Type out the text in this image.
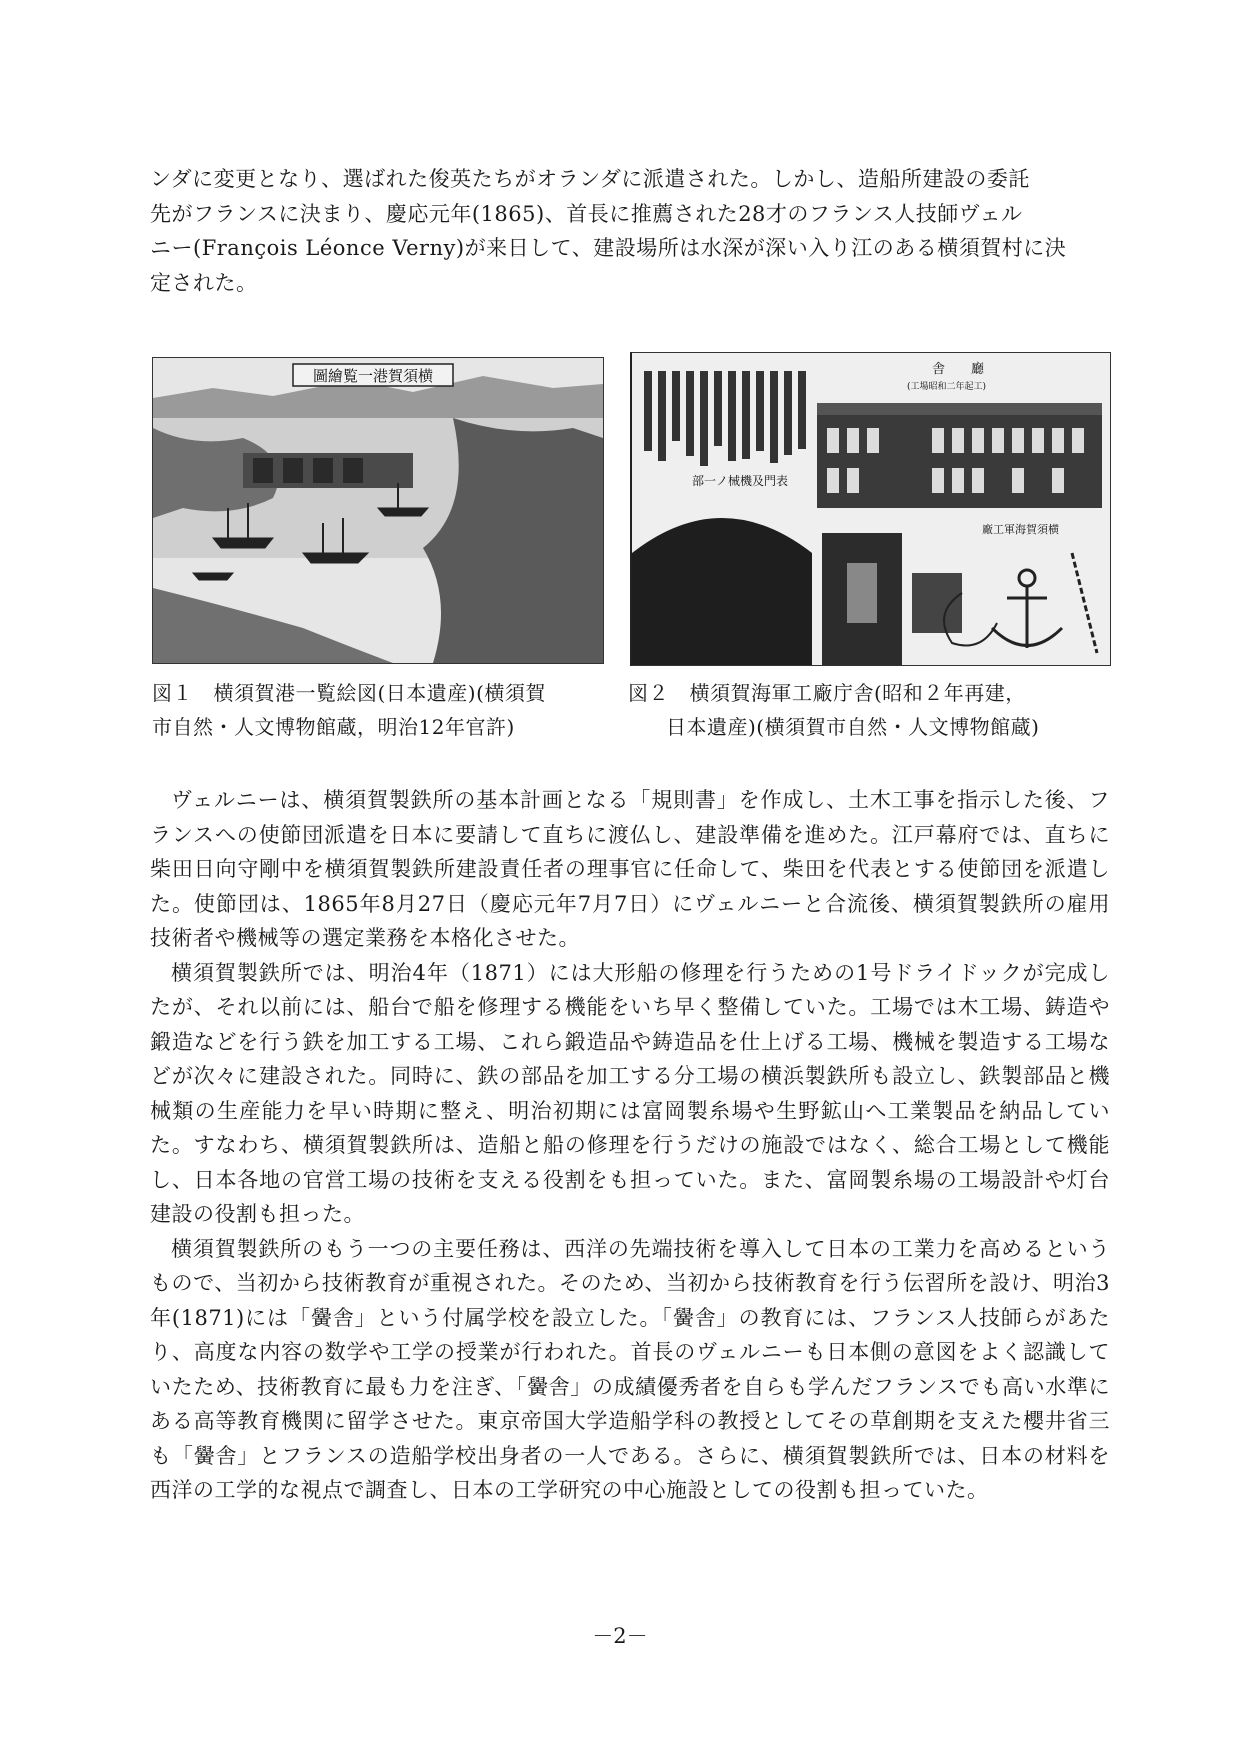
ンダに変更となり、選ばれた俊英たちがオランダに派遣された。しかし、造船所建設の委託
先がフランスに決まり、慶応元年(1865)、首長に推薦された28才のフランス人技師ヴェル
ニー(François Léonce Verny)が来日して、建設場所は水深が深い入り江のある横須賀村に決
定された。
圖繪覧一港賀須横	舎　　廳
(工場昭和二年起工)
部一ノ械機及門表
廠工軍海賀須横
図１　横須賀港一覧絵図(日本遺産)(横須賀
市自然・人文博物館蔵，明治12年官許)
図２　横須賀海軍工廠庁舎(昭和２年再建，
日本遺産)(横須賀市自然・人文博物館蔵)

ヴェルニーは、横須賀製鉄所の基本計画となる「規則書」を作成し、土木工事を指示した後、フランスへの使節団派遣を日本に要請して直ちに渡仏し、建設準備を進めた。江戸幕府では、直ちに柴田日向守剛中を横須賀製鉄所建設責任者の理事官に任命して、柴田を代表とする使節団を派遣した。使節団は、1865年8月27日（慶応元年7月7日）にヴェルニーと合流後、横須賀製鉄所の雇用技術者や機械等の選定業務を本格化させた。

横須賀製鉄所では、明治4年（1871）には大形船の修理を行うための1号ドライドックが完成したが、それ以前には、船台で船を修理する機能をいち早く整備していた。工場では木工場、鋳造や鍛造などを行う鉄を加工する工場、これら鍛造品や鋳造品を仕上げる工場、機械を製造する工場などが次々に建設された。同時に、鉄の部品を加工する分工場の横浜製鉄所も設立し、鉄製部品と機械類の生産能力を早い時期に整え、明治初期には富岡製糸場や生野鉱山へ工業製品を納品していた。すなわち、横須賀製鉄所は、造船と船の修理を行うだけの施設ではなく、総合工場として機能し、日本各地の官営工場の技術を支える役割をも担っていた。また、富岡製糸場の工場設計や灯台建設の役割も担った。

横須賀製鉄所のもう一つの主要任務は、西洋の先端技術を導入して日本の工業力を高めるというもので、当初から技術教育が重視された。そのため、当初から技術教育を行う伝習所を設け、明治3年(1871)には「黌舎」という付属学校を設立した。「黌舎」の教育には、フランス人技師らがあたり、高度な内容の数学や工学の授業が行われた。首長のヴェルニーも日本側の意図をよく認識していたため、技術教育に最も力を注ぎ、「黌舎」の成績優秀者を自らも学んだフランスでも高い水準にある高等教育機関に留学させた。東京帝国大学造船学科の教授としてその草創期を支えた櫻井省三も「黌舎」とフランスの造船学校出身者の一人である。さらに、横須賀製鉄所では、日本の材料を西洋の工学的な視点で調査し、日本の工学研究の中心施設としての役割も担っていた。

－2－
